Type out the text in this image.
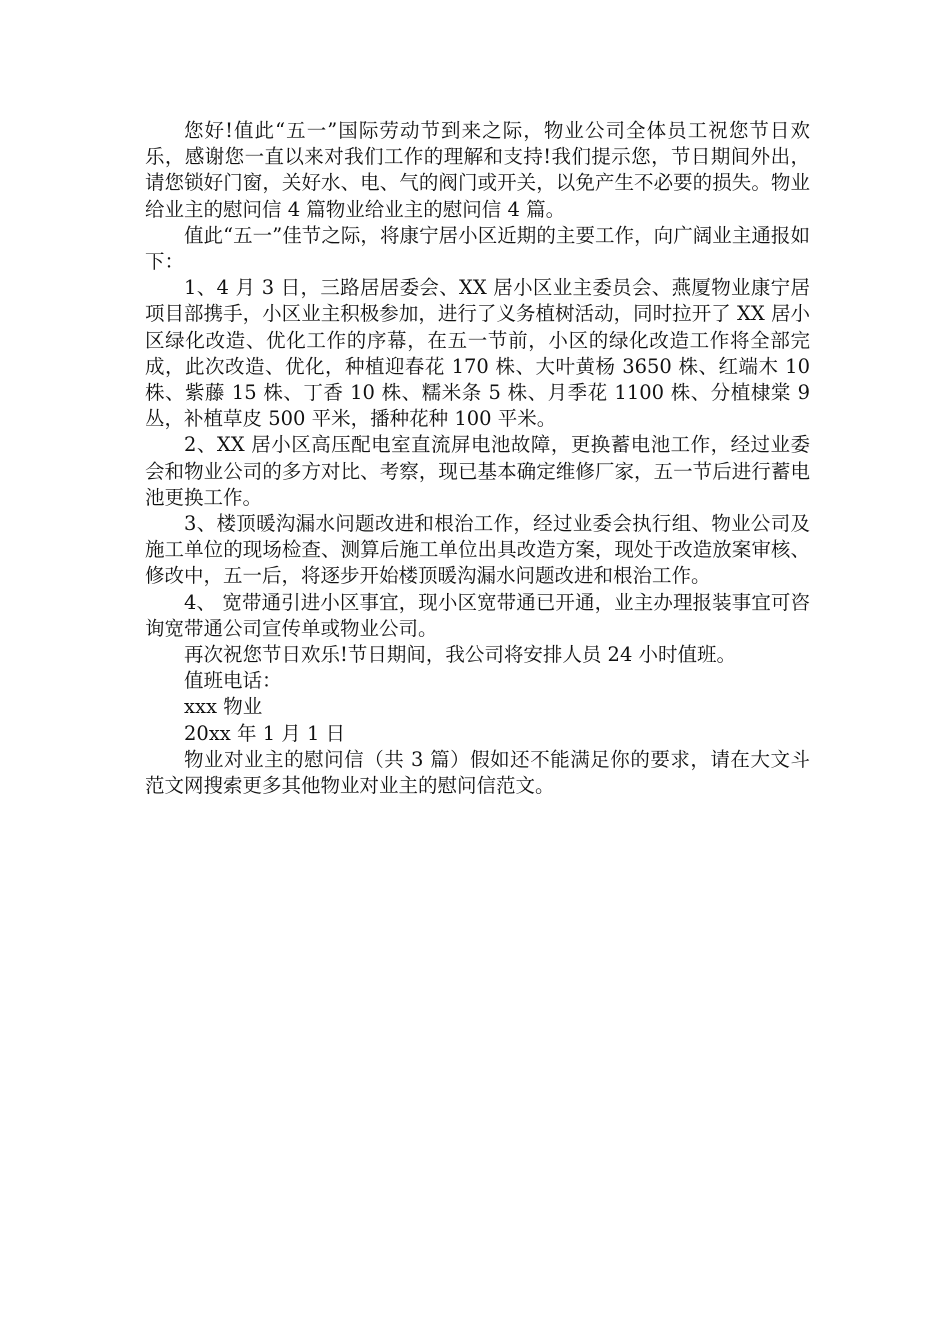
您好!值此“五一”国际劳动节到来之际，物业公司全体员工祝您节日欢乐，感谢您一直以来对我们工作的理解和支持!我们提示您，节日期间外出，请您锁好门窗，关好水、电、气的阀门或开关，以免产生不必要的损失。物业给业主的慰问信 4 篇物业给业主的慰问信 4 篇。

值此“五一”佳节之际，将康宁居小区近期的主要工作，向广阔业主通报如下：

1、4 月 3 日，三路居居委会、XX 居小区业主委员会、燕厦物业康宁居项目部携手，小区业主积极参加，进行了义务植树活动，同时拉开了 XX 居小区绿化改造、优化工作的序幕，在五一节前，小区的绿化改造工作将全部完成，此次改造、优化，种植迎春花 170 株、大叶黄杨 3650 株、红端木 10 株、紫藤 15 株、丁香 10 株、糯米条 5 株、月季花 1100 株、分植棣棠 9 丛，补植草皮 500 平米，播种花种 100 平米。

2、XX 居小区高压配电室直流屏电池故障，更换蓄电池工作，经过业委会和物业公司的多方对比、考察，现已基本确定维修厂家，五一节后进行蓄电池更换工作。

3、楼顶暖沟漏水问题改进和根治工作，经过业委会执行组、物业公司及施工单位的现场检查、测算后施工单位出具改造方案，现处于改造放案审核、修改中，五一后，将逐步开始楼顶暖沟漏水问题改进和根治工作。

4、 宽带通引进小区事宜，现小区宽带通已开通，业主办理报装事宜可咨询宽带通公司宣传单或物业公司。

再次祝您节日欢乐!节日期间，我公司将安排人员 24 小时值班。

值班电话：

xxx 物业

20xx 年 1 月 1 日

物业对业主的慰问信（共 3 篇）假如还不能满足你的要求，请在大文斗范文网搜索更多其他物业对业主的慰问信范文。
